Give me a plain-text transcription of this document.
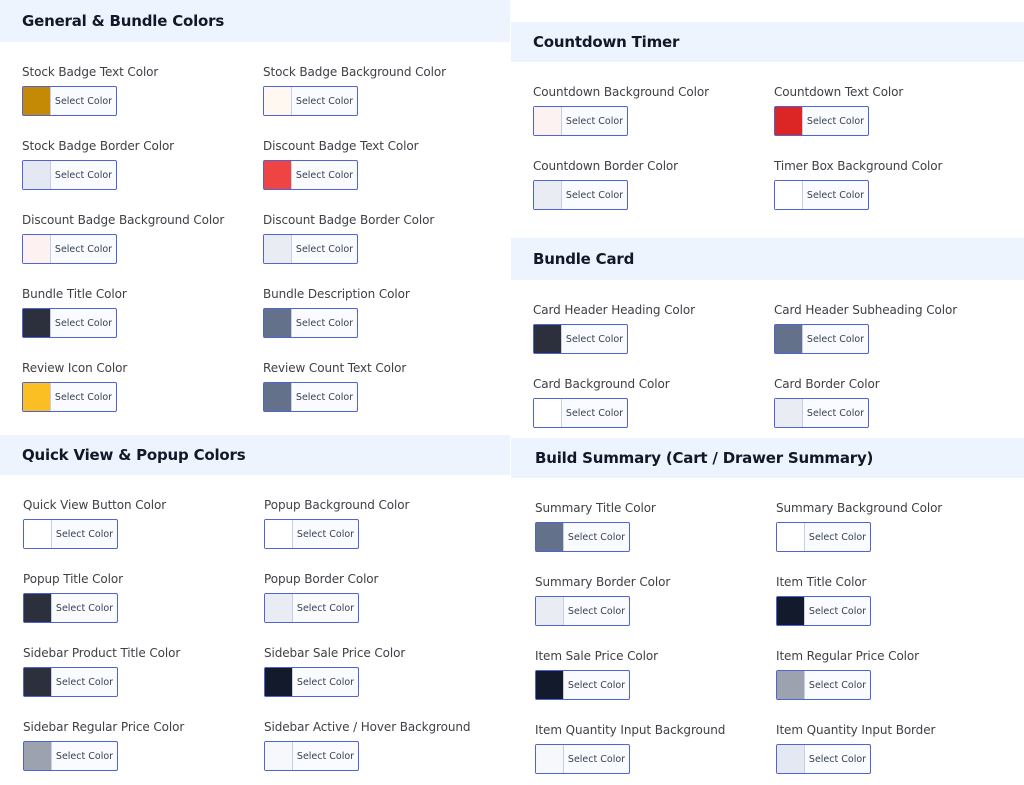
General & Bundle Colors
Stock Badge Text Color
Select Color
Stock Badge Background Color
Select Color
Stock Badge Border Color
Select Color
Discount Badge Text Color
Select Color
Discount Badge Background Color
Select Color
Discount Badge Border Color
Select Color
Bundle Title Color
Select Color
Bundle Description Color
Select Color
Review Icon Color
Select Color
Review Count Text Color
Select Color
Quick View & Popup Colors
Quick View Button Color
Select Color
Popup Background Color
Select Color
Popup Title Color
Select Color
Popup Border Color
Select Color
Sidebar Product Title Color
Select Color
Sidebar Sale Price Color
Select Color
Sidebar Regular Price Color
Select Color
Sidebar Active / Hover Background
Select Color
Countdown Timer
Countdown Background Color
Select Color
Countdown Text Color
Select Color
Countdown Border Color
Select Color
Timer Box Background Color
Select Color
Bundle Card
Card Header Heading Color
Select Color
Card Header Subheading Color
Select Color
Card Background Color
Select Color
Card Border Color
Select Color
Build Summary (Cart / Drawer Summary)
Summary Title Color
Select Color
Summary Background Color
Select Color
Summary Border Color
Select Color
Item Title Color
Select Color
Item Sale Price Color
Select Color
Item Regular Price Color
Select Color
Item Quantity Input Background
Select Color
Item Quantity Input Border
Select Color
